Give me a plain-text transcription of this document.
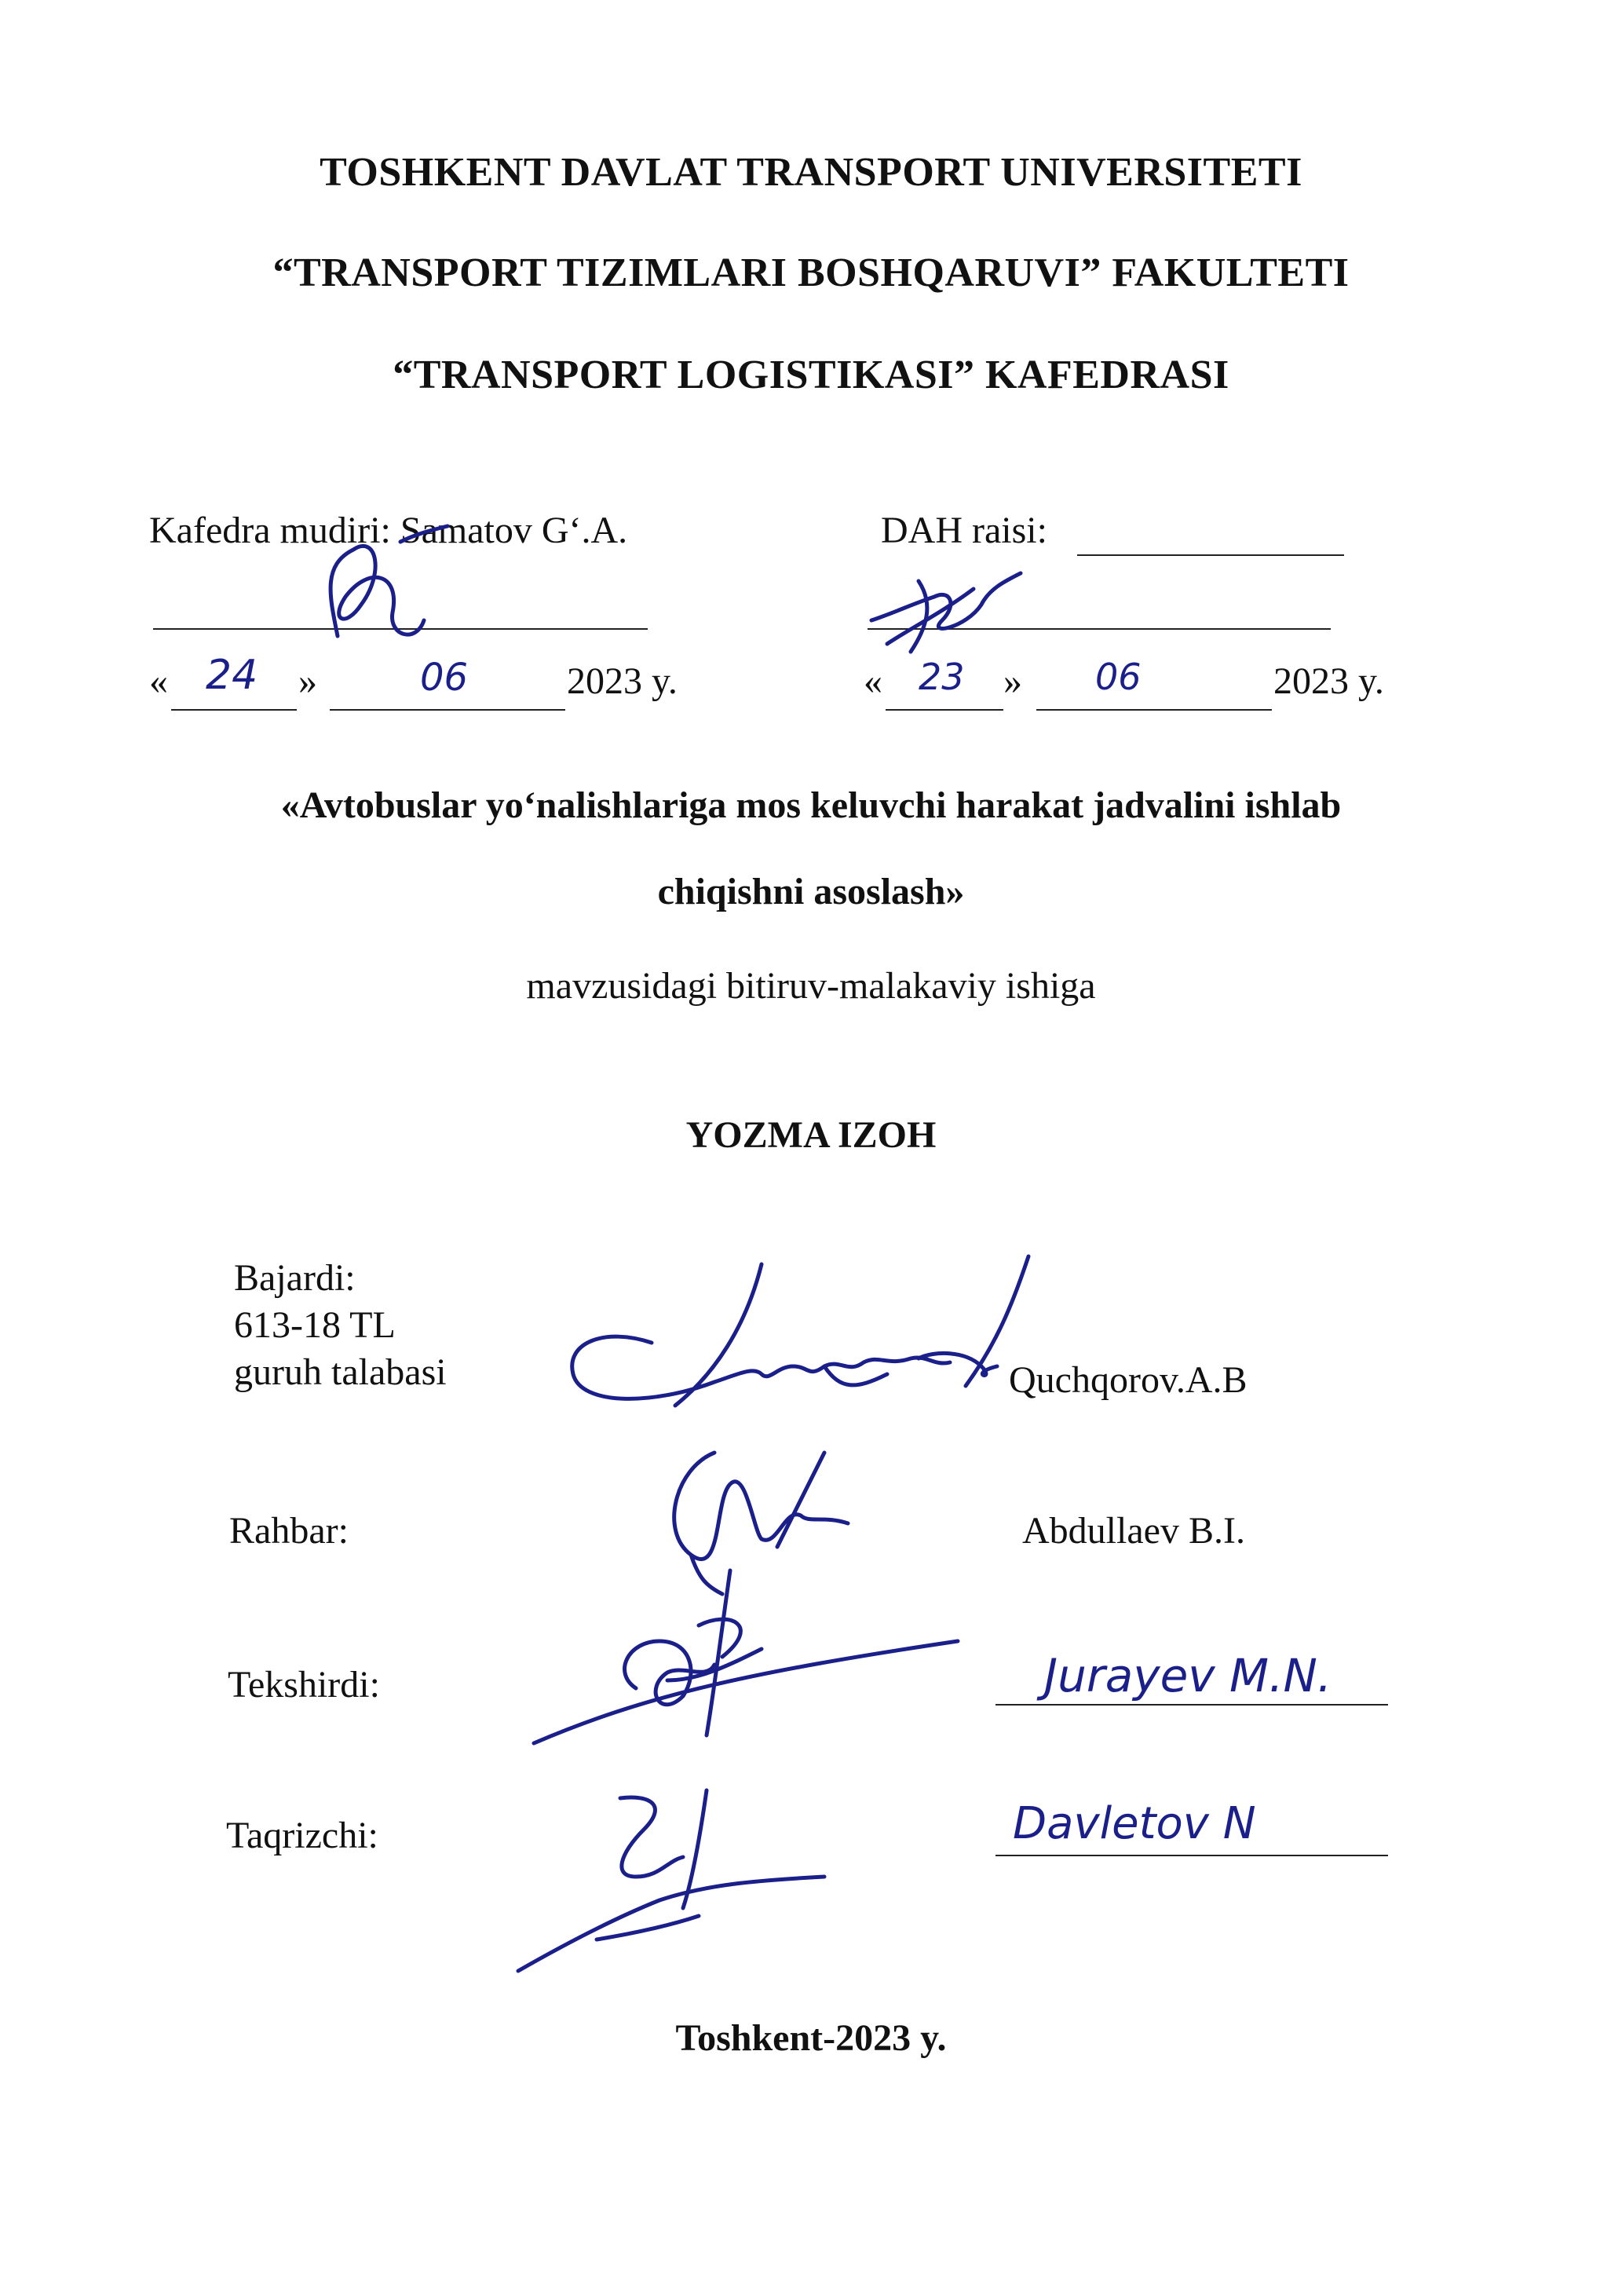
TOSHKENT DAVLAT TRANSPORT UNIVERSITETI
“TRANSPORT TIZIMLARI BOSHQARUVI” FAKULTETI
“TRANSPORT LOGISTIKASI” KAFEDRASI
Kafedra mudiri: Samatov G‘.A.
« 24 »	06	2023 y.
DAH raisi:
« 23 » 06	2023 y.
«Avtobuslar yo‘nalishlariga mos keluvchi harakat jadvalini ishlab
chiqishni asoslash»
mavzusidagi bitiruv-malakaviy ishiga
YOZMA IZOH
Bajardi:
613-18 TL
guruh talabasi	Quchqorov.A.B
Rahbar:	Abdullaev B.I.
Tekshirdi:	Jurayev M.N.
Taqrizchi:	Davletov N
Toshkent-2023 y.
